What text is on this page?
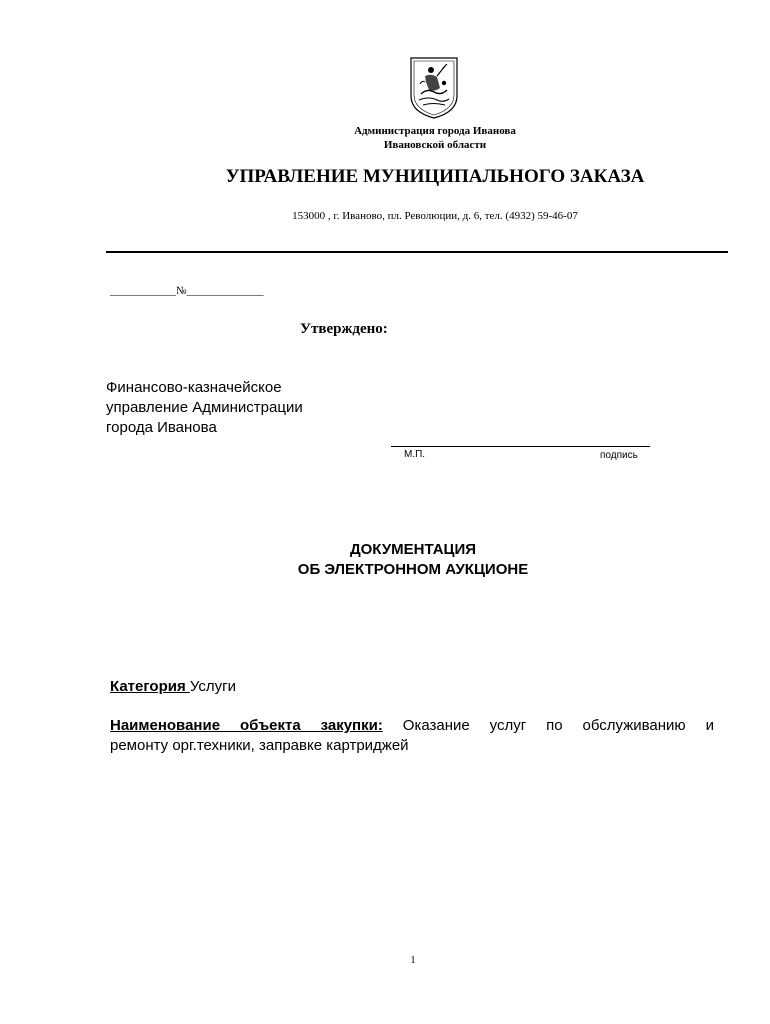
Администрация города Иванова
Ивановской области
УПРАВЛЕНИЕ МУНИЦИПАЛЬНОГО ЗАКАЗА
153000 , г. Иваново, пл. Революции, д. 6, тел. (4932) 59-46-07
____________№______________
Утверждено:
Финансово-казначейское
управление Администрации
города Иванова
М.П.	подпись
ДОКУМЕНТАЦИЯ
ОБ ЭЛЕКТРОННОМ АУКЦИОНЕ
Категория Услуги
Наименование объекта закупки: Оказание услуг по обслуживанию и
ремонту орг.техники, заправке картриджей
1
